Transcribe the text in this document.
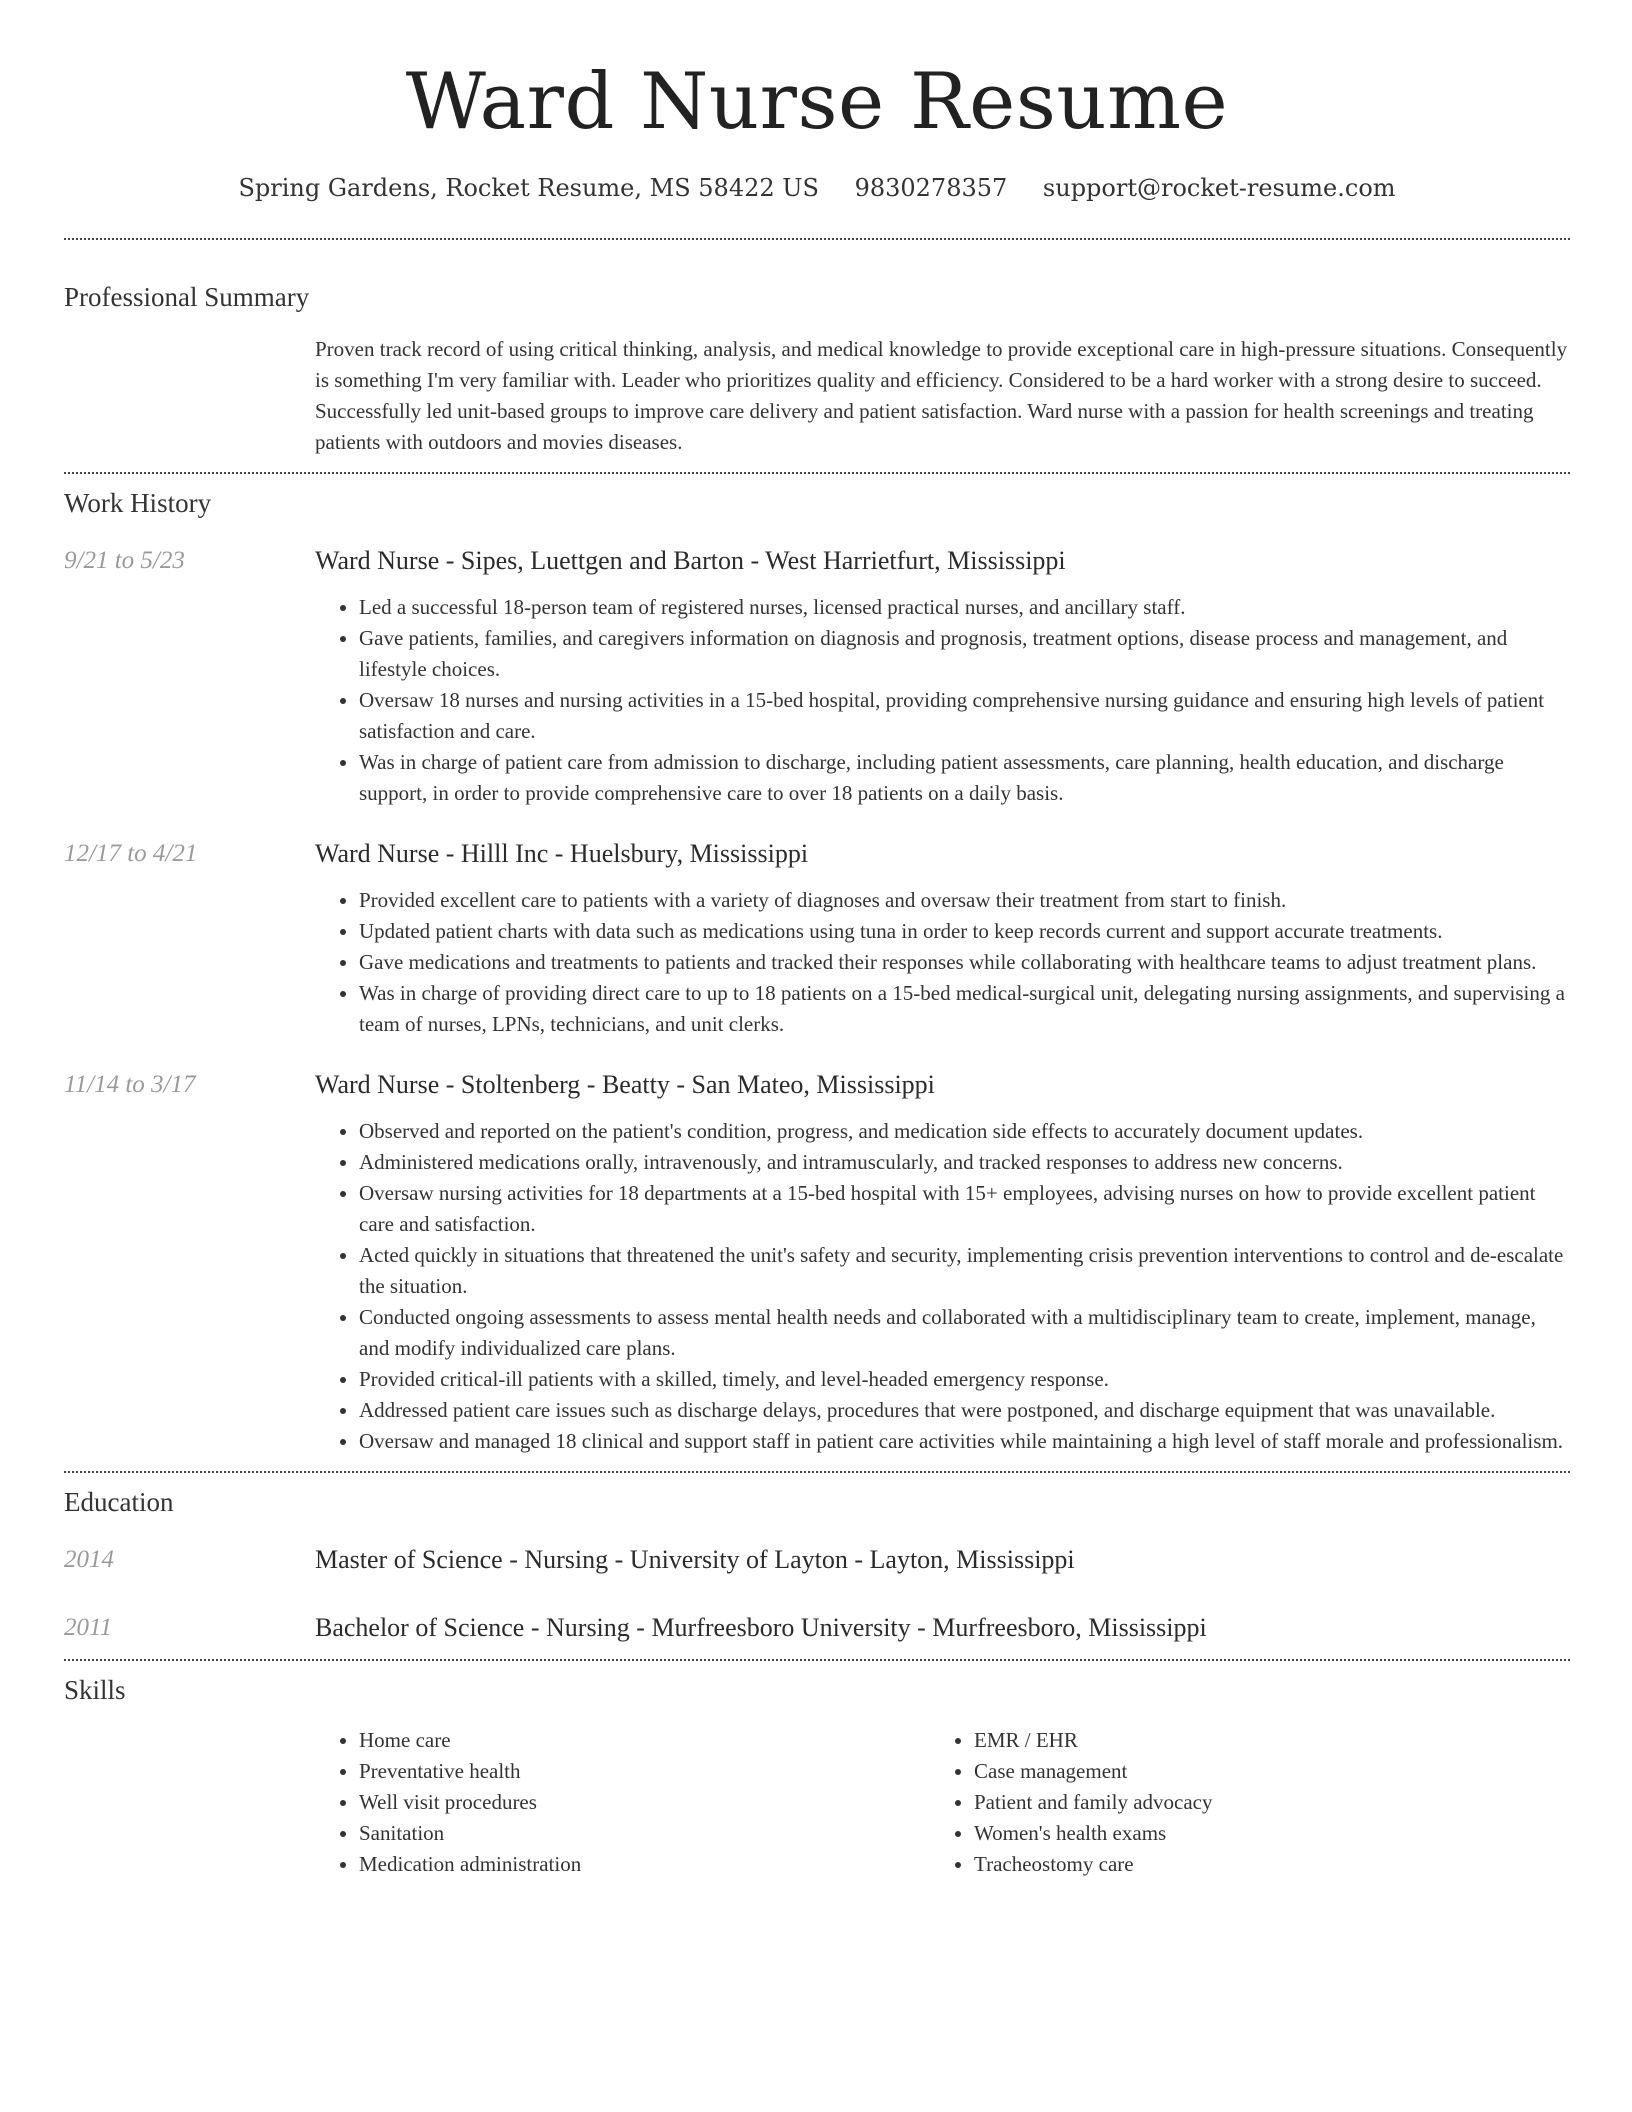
Ward Nurse Resume
Spring Gardens, Rocket Resume, MS 58422 US 9830278357 support@rocket-resume.com
Professional Summary

Proven track record of using critical thinking, analysis, and medical knowledge to provide exceptional care in high-pressure situations. Consequently is something I'm very familiar with. Leader who prioritizes quality and efficiency. Considered to be a hard worker with a strong desire to succeed. Successfully led unit-based groups to improve care delivery and patient satisfaction. Ward nurse with a passion for health screenings and treating patients with outdoors and movies diseases.

Work History
9/21 to 5/23	Ward Nurse - Sipes, Luettgen and Barton - West Harrietfurt, Mississippi
• Led a successful 18-person team of registered nurses, licensed practical nurses, and ancillary staff.
• Gave patients, families, and caregivers information on diagnosis and prognosis, treatment options, disease process and management, and lifestyle choices.
• Oversaw 18 nurses and nursing activities in a 15-bed hospital, providing comprehensive nursing guidance and ensuring high levels of patient satisfaction and care.
• Was in charge of patient care from admission to discharge, including patient assessments, care planning, health education, and discharge support, in order to provide comprehensive care to over 18 patients on a daily basis.
12/17 to 4/21	Ward Nurse - Hilll Inc - Huelsbury, Mississippi
• Provided excellent care to patients with a variety of diagnoses and oversaw their treatment from start to finish.
• Updated patient charts with data such as medications using tuna in order to keep records current and support accurate treatments.
• Gave medications and treatments to patients and tracked their responses while collaborating with healthcare teams to adjust treatment plans.
• Was in charge of providing direct care to up to 18 patients on a 15-bed medical-surgical unit, delegating nursing assignments, and supervising a team of nurses, LPNs, technicians, and unit clerks.
11/14 to 3/17	Ward Nurse - Stoltenberg - Beatty - San Mateo, Mississippi
• Observed and reported on the patient's condition, progress, and medication side effects to accurately document updates.
• Administered medications orally, intravenously, and intramuscularly, and tracked responses to address new concerns.
• Oversaw nursing activities for 18 departments at a 15-bed hospital with 15+ employees, advising nurses on how to provide excellent patient care and satisfaction.
• Acted quickly in situations that threatened the unit's safety and security, implementing crisis prevention interventions to control and de-escalate the situation.
• Conducted ongoing assessments to assess mental health needs and collaborated with a multidisciplinary team to create, implement, manage, and modify individualized care plans.
• Provided critical-ill patients with a skilled, timely, and level-headed emergency response.
• Addressed patient care issues such as discharge delays, procedures that were postponed, and discharge equipment that was unavailable.
• Oversaw and managed 18 clinical and support staff in patient care activities while maintaining a high level of staff morale and professionalism.
Education
2014	Master of Science - Nursing - University of Layton - Layton, Mississippi
2011	Bachelor of Science - Nursing - Murfreesboro University - Murfreesboro, Mississippi
Skills
• Home care
• Preventative health
• Well visit procedures
• Sanitation
• Medication administration
• EMR / EHR
• Case management
• Patient and family advocacy
• Women's health exams
• Tracheostomy care
